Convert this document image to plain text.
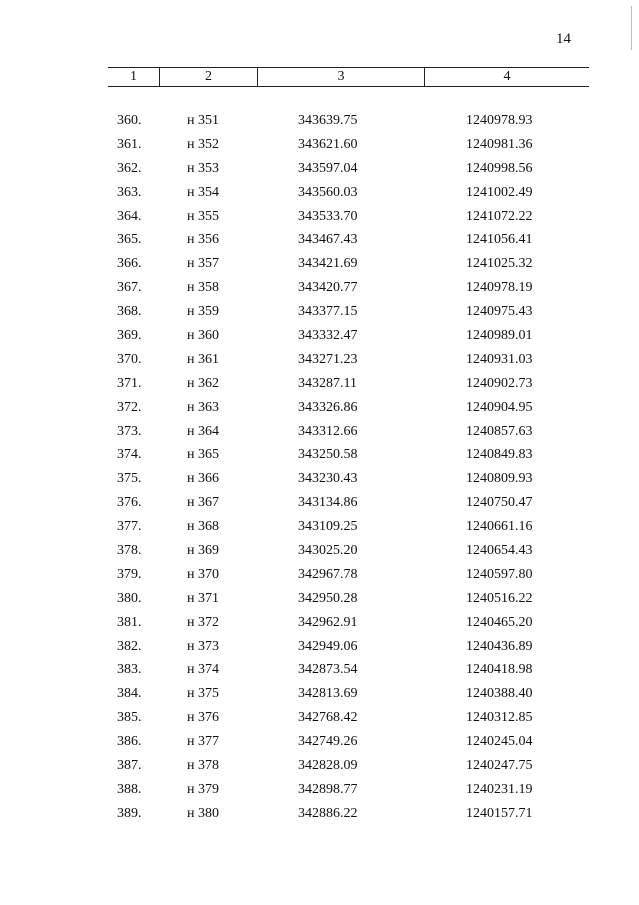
14
1	2	3	4
360.	н 351	343639.75	1240978.93
361.	н 352	343621.60	1240981.36
362.	н 353	343597.04	1240998.56
363.	н 354	343560.03	1241002.49
364.	н 355	343533.70	1241072.22
365.	н 356	343467.43	1241056.41
366.	н 357	343421.69	1241025.32
367.	н 358	343420.77	1240978.19
368.	н 359	343377.15	1240975.43
369.	н 360	343332.47	1240989.01
370.	н 361	343271.23	1240931.03
371.	н 362	343287.11	1240902.73
372.	н 363	343326.86	1240904.95
373.	н 364	343312.66	1240857.63
374.	н 365	343250.58	1240849.83
375.	н 366	343230.43	1240809.93
376.	н 367	343134.86	1240750.47
377.	н 368	343109.25	1240661.16
378.	н 369	343025.20	1240654.43
379.	н 370	342967.78	1240597.80
380.	н 371	342950.28	1240516.22
381.	н 372	342962.91	1240465.20
382.	н 373	342949.06	1240436.89
383.	н 374	342873.54	1240418.98
384.	н 375	342813.69	1240388.40
385.	н 376	342768.42	1240312.85
386.	н 377	342749.26	1240245.04
387.	н 378	342828.09	1240247.75
388.	н 379	342898.77	1240231.19
389.	н 380	342886.22	1240157.71
